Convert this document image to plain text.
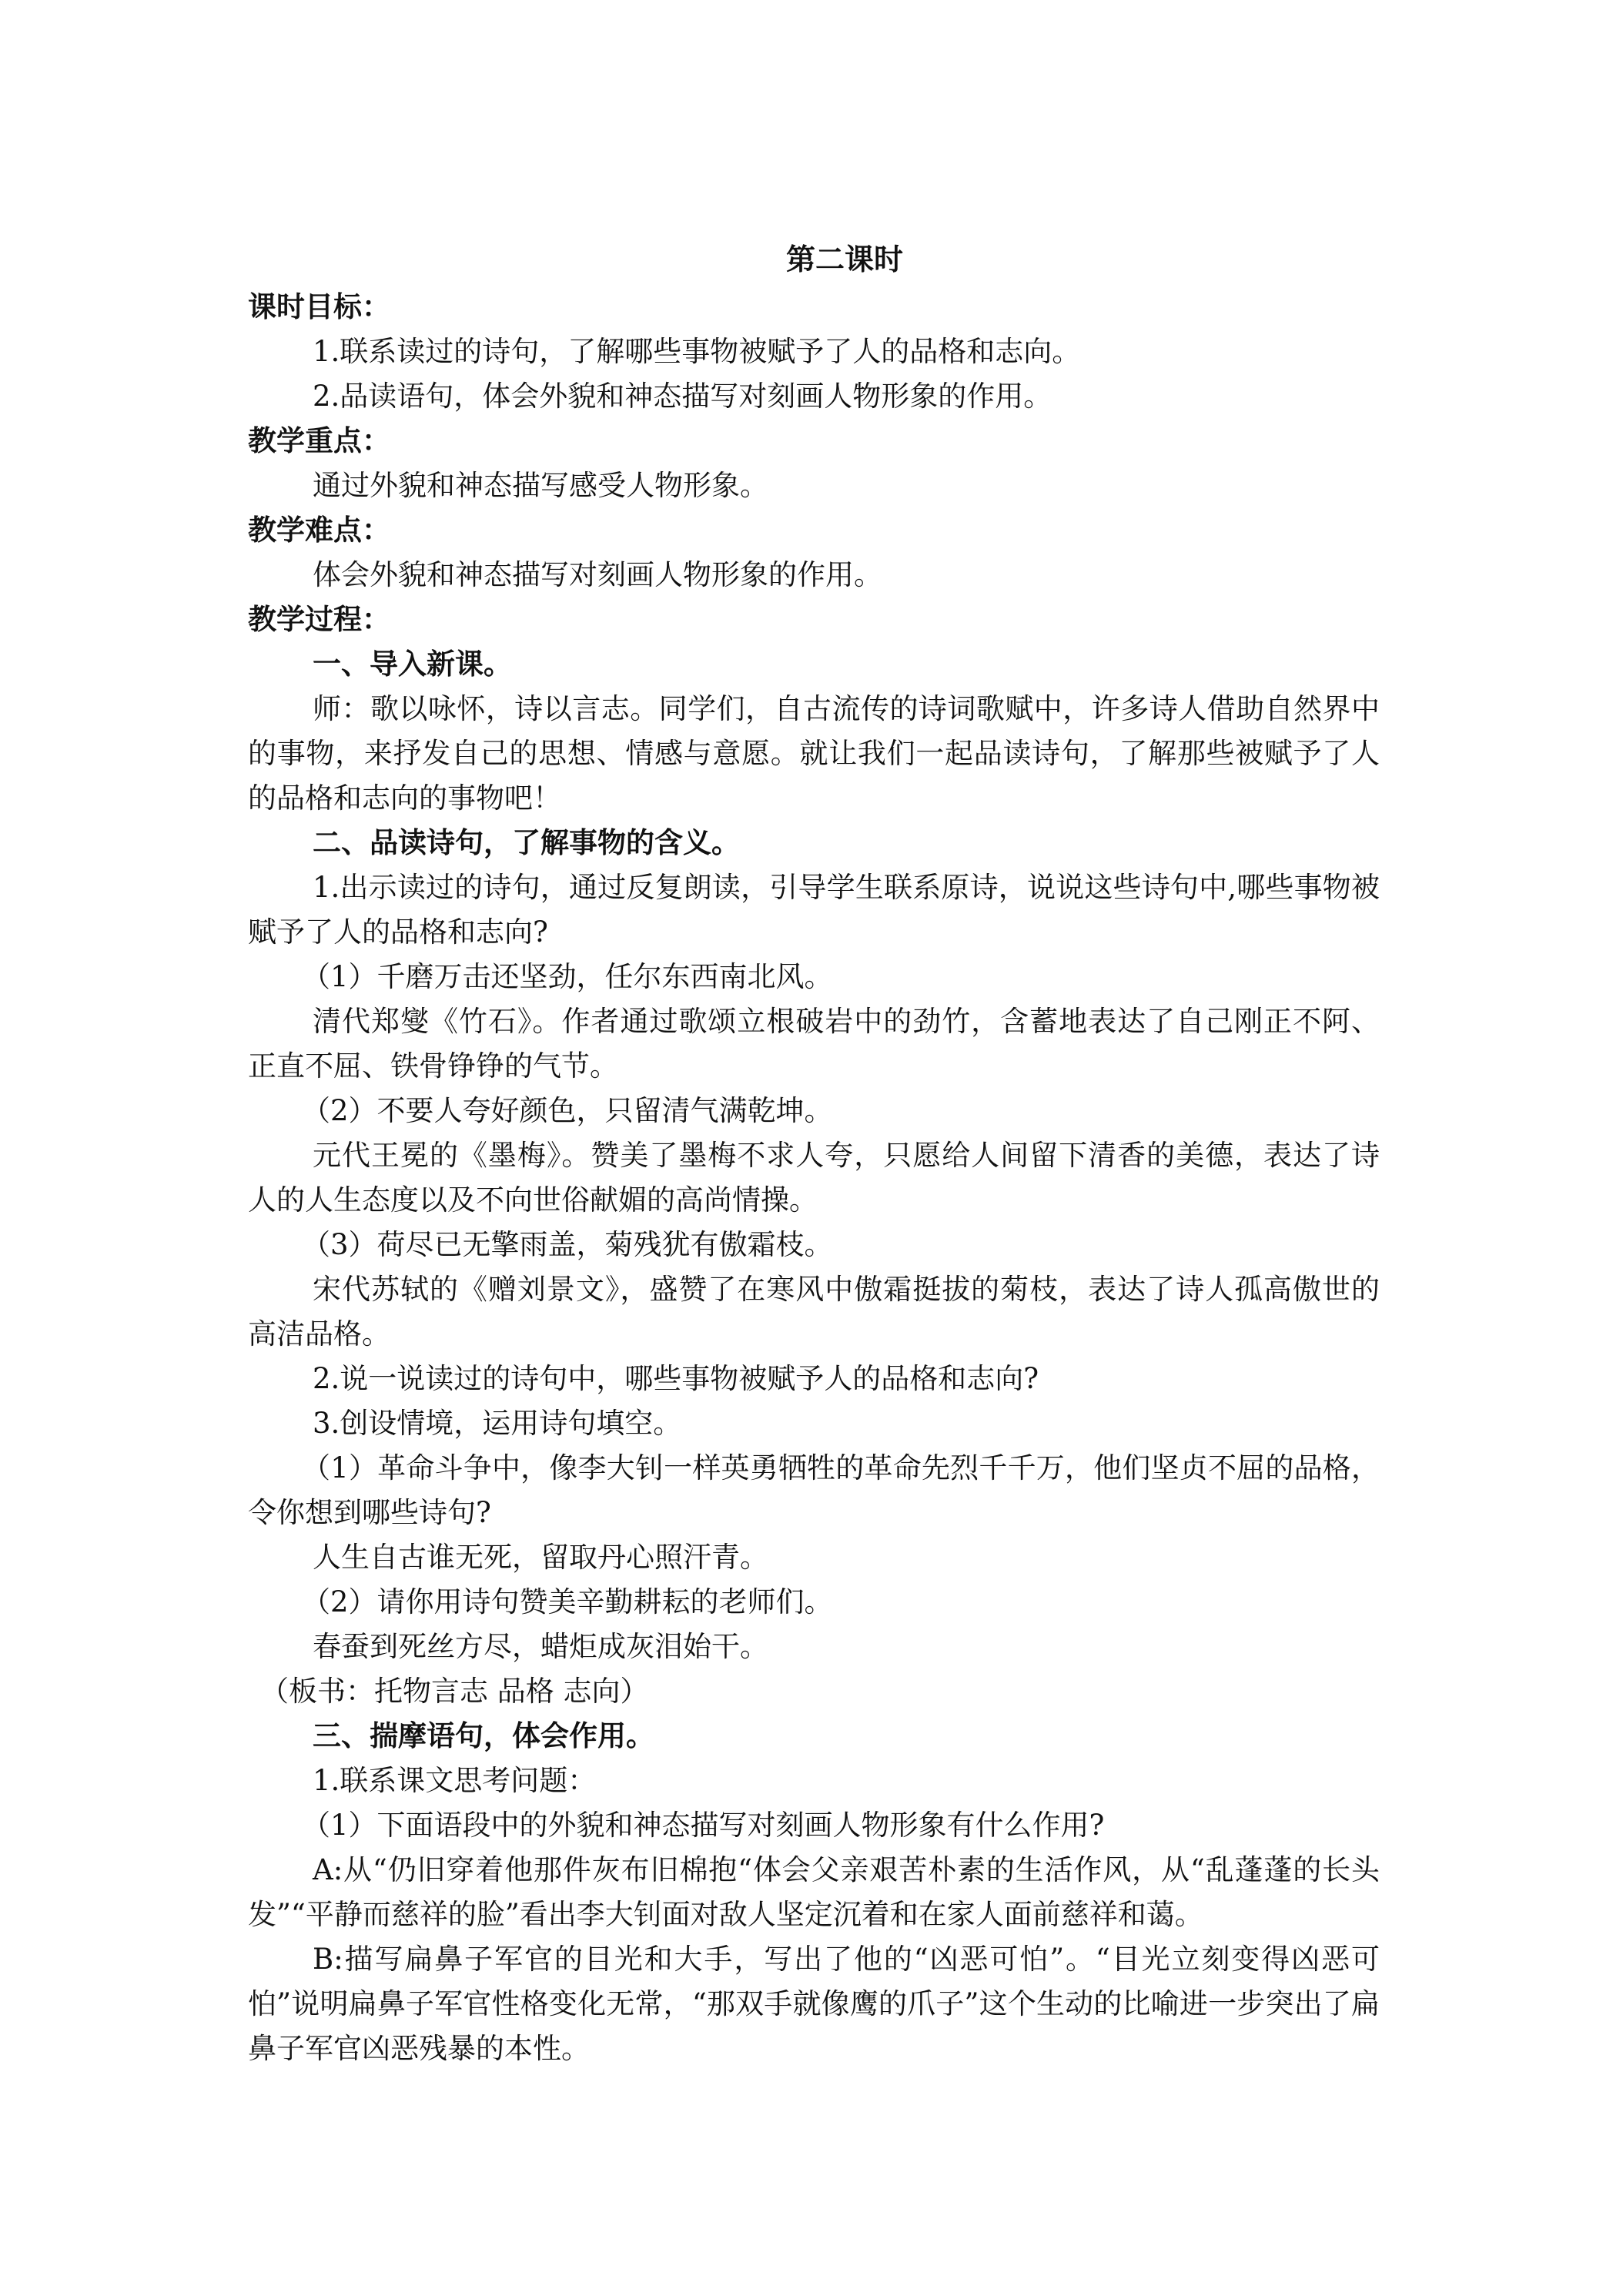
第二课时
课时目标：
1.联系读过的诗句，了解哪些事物被赋予了人的品格和志向。
2.品读语句，体会外貌和神态描写对刻画人物形象的作用。
教学重点：
通过外貌和神态描写感受人物形象。
教学难点：
体会外貌和神态描写对刻画人物形象的作用。
教学过程：
一、导入新课。
师：歌以咏怀，诗以言志。同学们，自古流传的诗词歌赋中，许多诗人借助自然界中的事物，来抒发自己的思想、情感与意愿。就让我们一起品读诗句，了解那些被赋予了人的品格和志向的事物吧！
二、品读诗句，了解事物的含义。
1.出示读过的诗句，通过反复朗读，引导学生联系原诗，说说这些诗句中,哪些事物被赋予了人的品格和志向?
（1）千磨万击还坚劲，任尔东西南北风。
清代郑燮《竹石》。作者通过歌颂立根破岩中的劲竹，含蓄地表达了自己刚正不阿、正直不屈、铁骨铮铮的气节。
（2）不要人夸好颜色，只留清气满乾坤。
元代王冕的《墨梅》。赞美了墨梅不求人夸，只愿给人间留下清香的美德，表达了诗人的人生态度以及不向世俗献媚的高尚情操。
（3）荷尽已无擎雨盖，菊残犹有傲霜枝。
宋代苏轼的《赠刘景文》，盛赞了在寒风中傲霜挺拔的菊枝，表达了诗人孤高傲世的高洁品格。
2.说一说读过的诗句中，哪些事物被赋予人的品格和志向?
3.创设情境，运用诗句填空。
（1）革命斗争中，像李大钊一样英勇牺牲的革命先烈千千万，他们坚贞不屈的品格，令你想到哪些诗句?
人生自古谁无死，留取丹心照汗青。
（2）请你用诗句赞美辛勤耕耘的老师们。
春蚕到死丝方尽，蜡炬成灰泪始干。
（板书：托物言志 品格 志向）
三、揣摩语句，体会作用。
1.联系课文思考问题：
（1）下面语段中的外貌和神态描写对刻画人物形象有什么作用?
A:从“仍旧穿着他那件灰布旧棉抱“体会父亲艰苦朴素的生活作风，从“乱蓬蓬的长头发”“平静而慈祥的脸”看出李大钊面对敌人坚定沉着和在家人面前慈祥和蔼。
B:描写扁鼻子军官的目光和大手，写出了他的“凶恶可怕”。“目光立刻变得凶恶可怕”说明扁鼻子军官性格变化无常，“那双手就像鹰的爪子”这个生动的比喻进一步突出了扁鼻子军官凶恶残暴的本性。
